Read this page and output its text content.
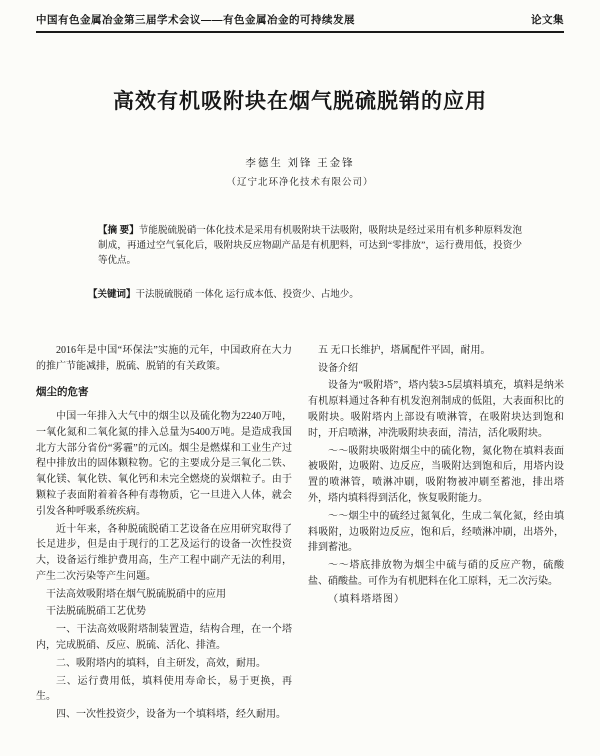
中国有色金属冶金第三届学术会议——有色金属冶金的可持续发展	论文集
高效有机吸附块在烟气脱硫脱销的应用
李德生 刘锋 王金锋
（辽宁北环净化技术有限公司）
【摘 要】节能脱硫脱硝一体化技术是采用有机吸附块干法吸附，吸附块是经过采用有机多种原料发泡制成，再通过空气氧化后，吸附块反应物副产品是有机肥料，可达到“零排放”，运行费用低，投资少等优点。
【关键词】干法脱硫脱硝 一体化 运行成本低、投资少、占地少。

2016年是中国“环保法”实施的元年，中国政府在大力的推广节能减排，脱硫、脱销的有关政策。

烟尘的危害

中国一年排入大气中的烟尘以及硫化物为2240万吨，一氧化氮和二氧化氮的排入总量为5400万吨。是造成我国北方大部分省份“雾霾”的元凶。烟尘是燃煤和工业生产过程中排放出的固体颗粒物。它的主要成分是三氧化二铁、氧化镁、氧化铁、氧化钙和未完全燃烧的炭烟粒子。由于颗粒子表面附着着各种有毒物质，它一旦进入人体，就会引发各种呼吸系统疾病。

近十年来，各种脱硫脱硝工艺设备在应用研究取得了长足进步，但是由于现行的工艺及运行的设备一次性投资大，设备运行维护费用高，生产工程中副产无法的利用，产生二次污染等产生问题。

干法高效吸附塔在烟气脱硫脱硝中的应用

干法脱硫脱硝工艺优势

一、干法高效吸附塔制装置造，结构合理，在一个塔内，完成脱硝、反应、脱硫、活化、排渣。

二、吸附塔内的填料，自主研发，高效，耐用。

三、运行费用低，填料使用寿命长，易于更换，再生。

四、一次性投资少，设备为一个填料塔，经久耐用。

五 无口长维护，塔属配件平固，耐用。

设备介绍

设备为“吸附塔”，塔内装3-5层填料填充，填料是纳米有机原料通过各种有机发泡剂制成的低阻，大表面积比的吸附块。吸附塔内上部设有喷淋管，在吸附块达到饱和时，开启喷淋，冲洗吸附块表面，清洁，活化吸附块。

～～吸附块吸附烟尘中的硫化物，氮化物在填料表面被吸附，边吸附、边反应，当吸附达到饱和后，用塔内设置的喷淋管，喷淋冲刷，吸附物被冲刷至蓄池，排出塔外，塔内填料得到活化，恢复吸附能力。

～～烟尘中的硫经过氮氧化，生成二氧化氮，经由填料吸附，边吸附边反应，饱和后，经喷淋冲刷，出塔外，排到蓄池。

～～塔底排放物为烟尘中硫与硝的反应产物，硫酸盐、硝酸盐。可作为有机肥料在化工原料，无二次污染。

（填料塔塔图）
